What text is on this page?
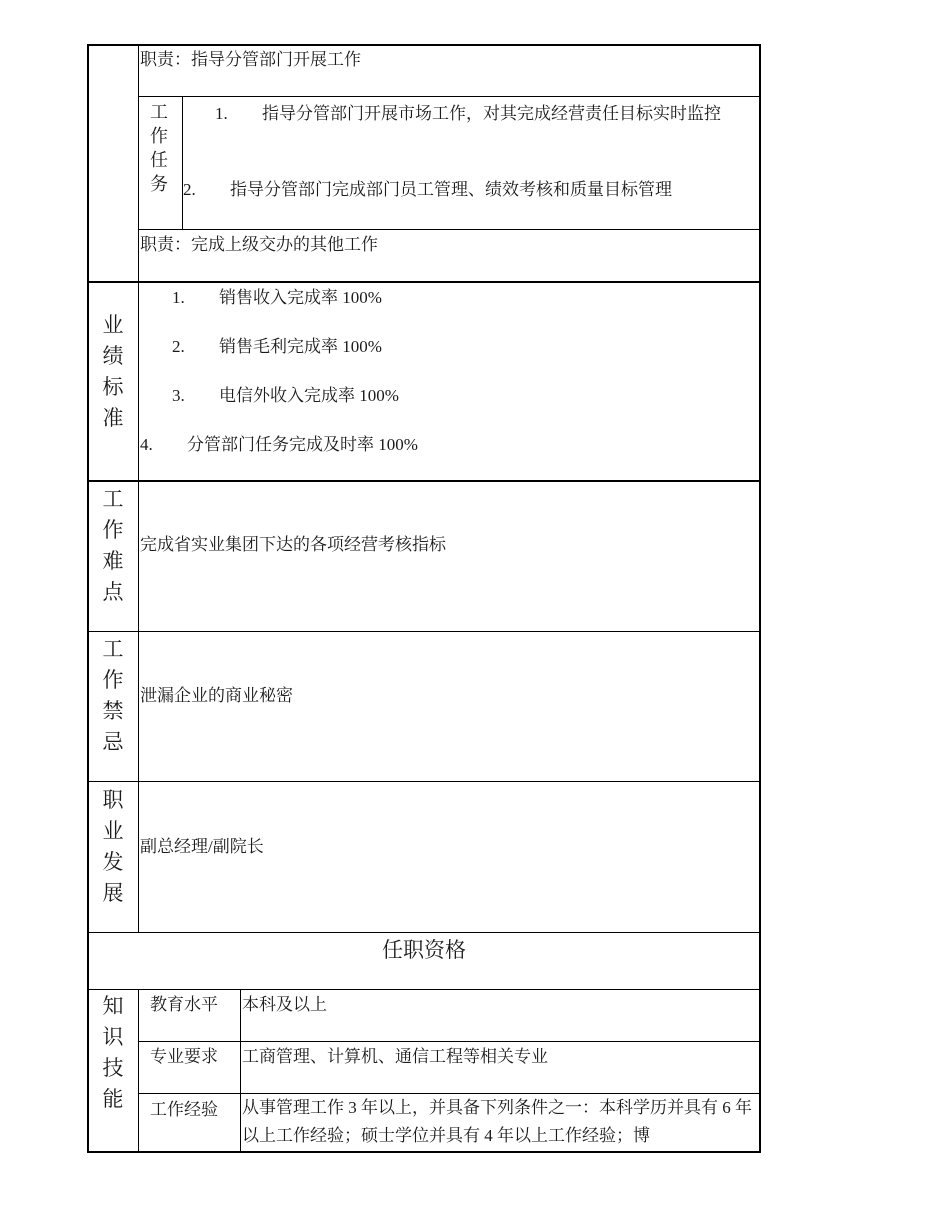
职责：指导分管部门开展工作
工作任务
1. 指导分管部门开展市场工作，对其完成经营责任目标实时监控
2. 指导分管部门完成部门员工管理、绩效考核和质量目标管理
职责：完成上级交办的其他工作
业绩标准
1. 销售收入完成率 100%
2. 销售毛利完成率 100%
3. 电信外收入完成率 100%
4. 分管部门任务完成及时率 100%
工作难点
完成省实业集团下达的各项经营考核指标
工作禁忌
泄漏企业的商业秘密
职业发展
副总经理/副院长
任职资格
知识技能
教育水平 本科及以上
专业要求 工商管理、计算机、通信工程等相关专业
工作经验 从事管理工作 3 年以上，并具备下列条件之一：本科学历并具有 6 年以上工作经验；硕士学位并具有 4 年以上工作经验；博
